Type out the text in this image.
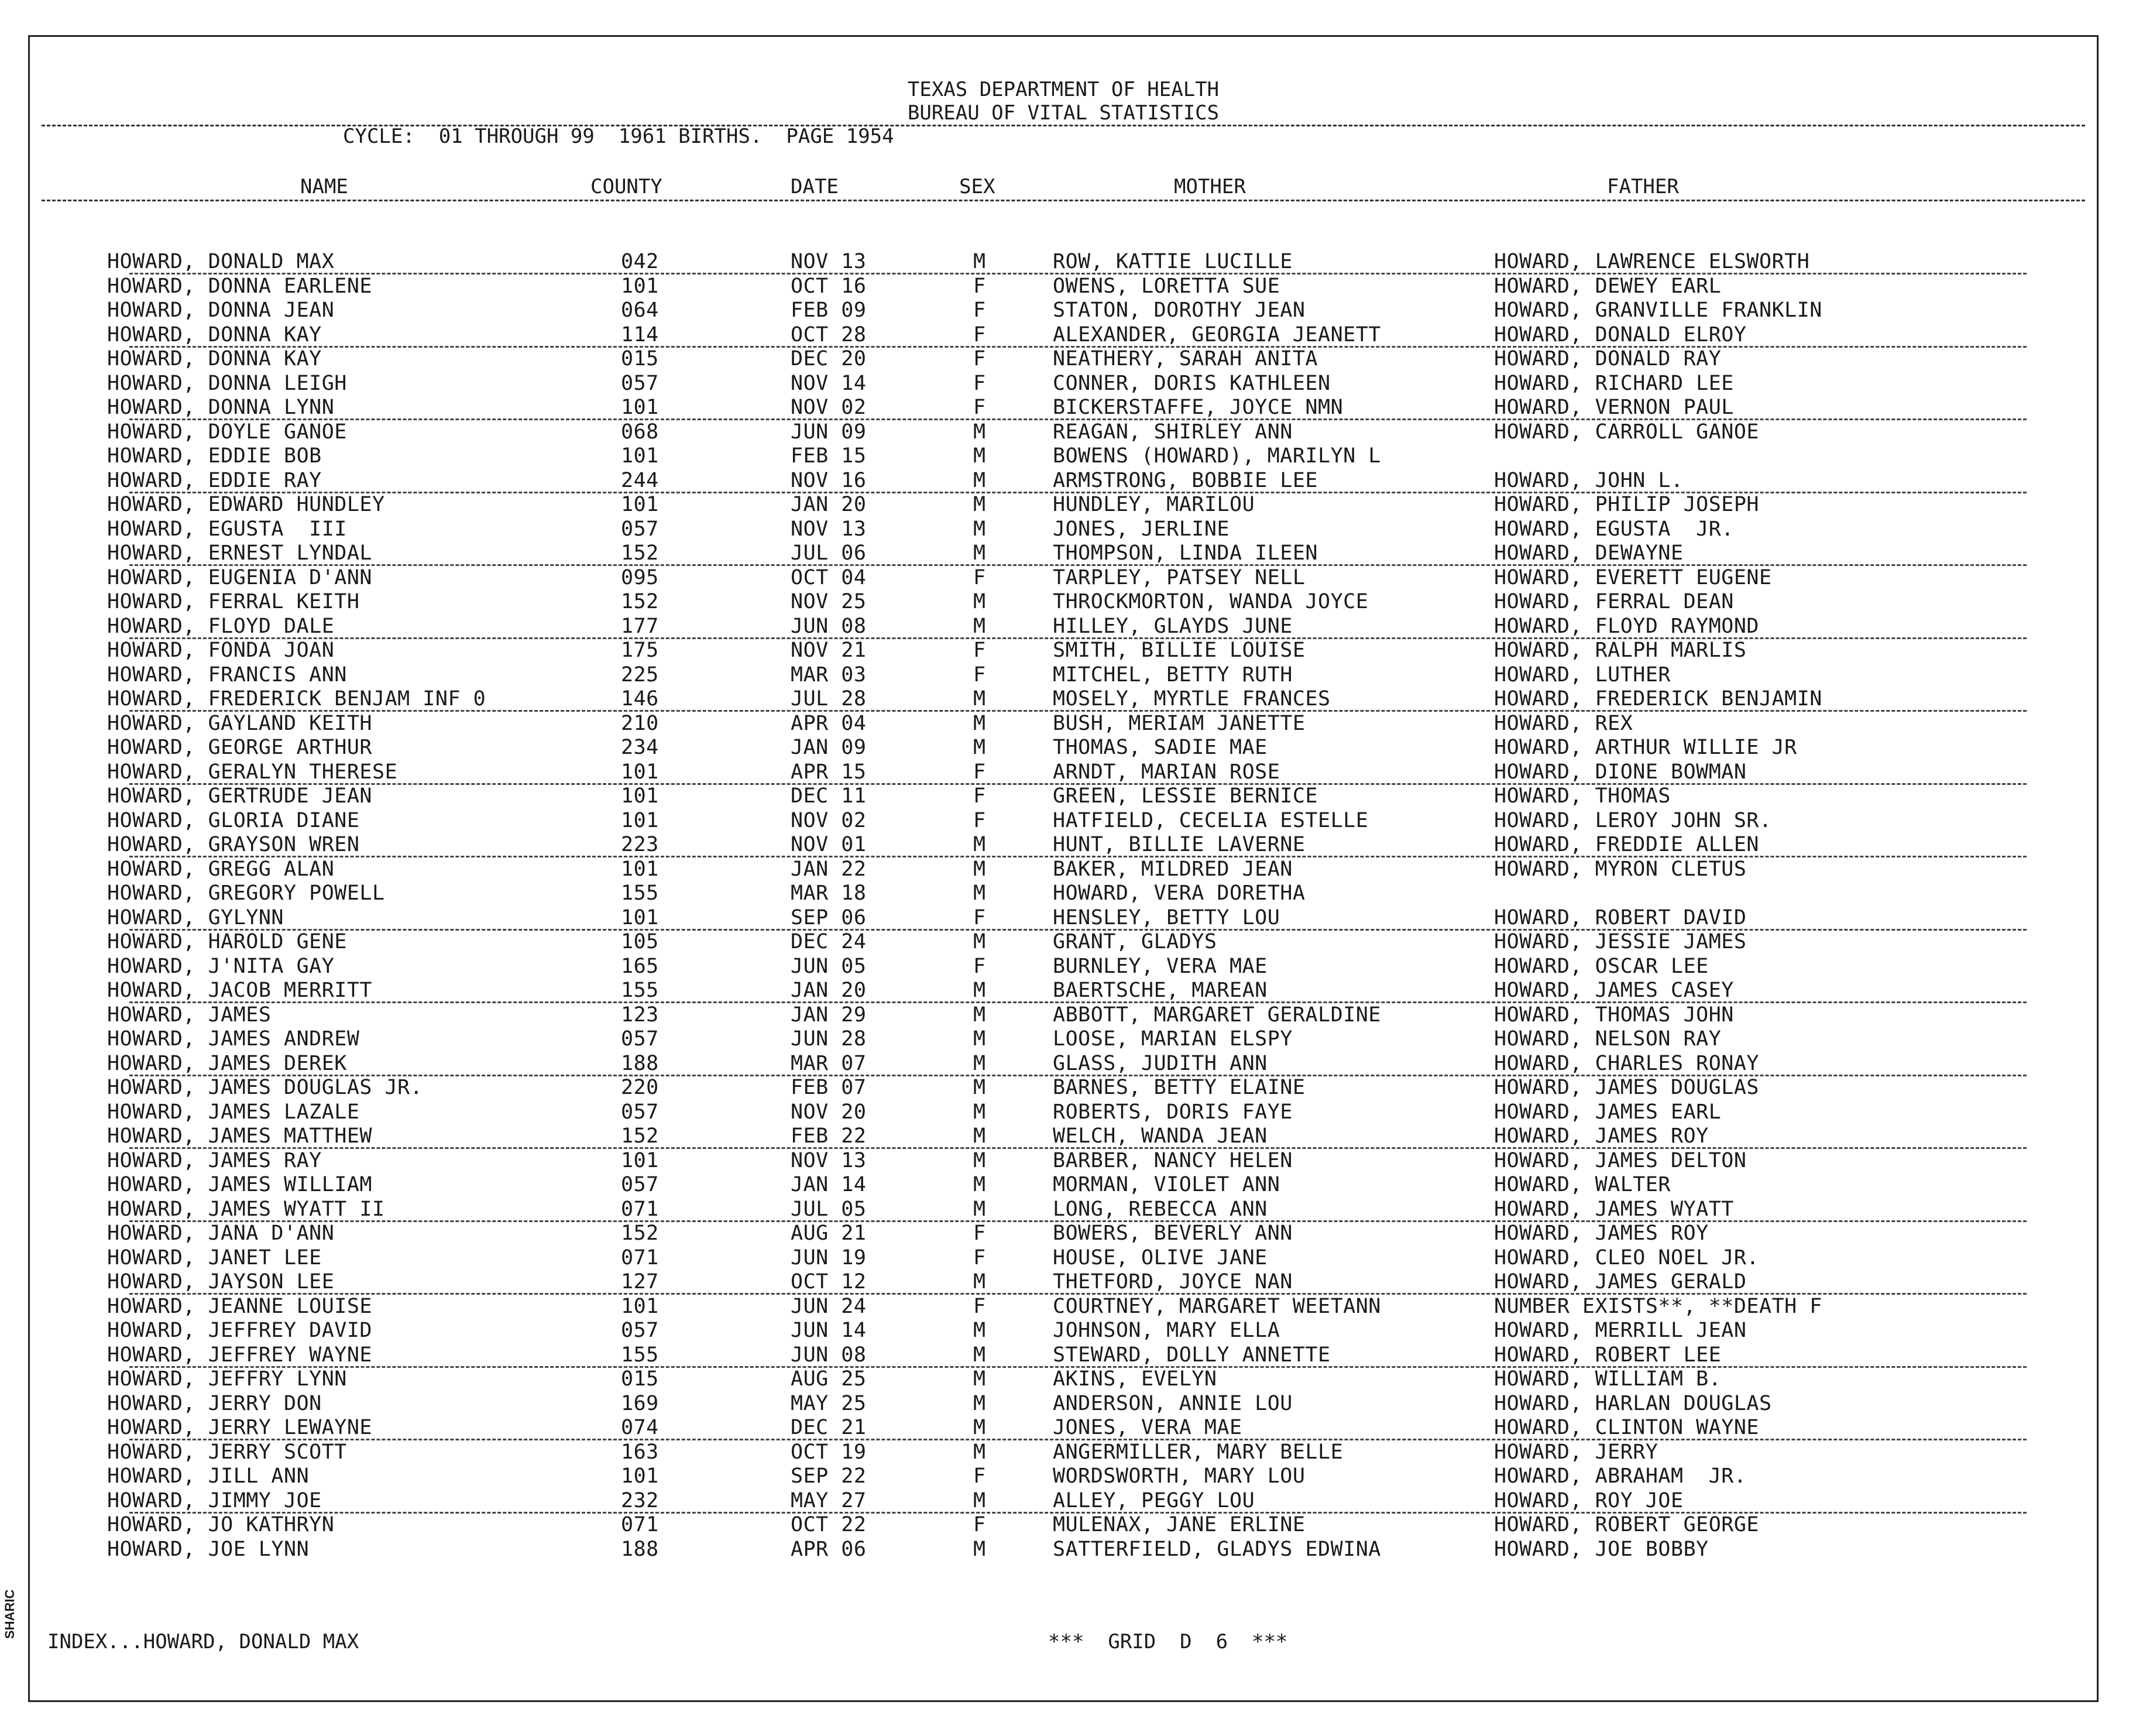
TEXAS DEPARTMENT OF HEALTH
BUREAU OF VITAL STATISTICS
CYCLE:  01 THROUGH 99  1961 BIRTHS.  PAGE 1954
NAME	COUNTY	DATE	SEX	MOTHER	FATHER
HOWARD, DONALD MAX	042	NOV 13	M	ROW, KATTIE LUCILLE	HOWARD, LAWRENCE ELSWORTH
HOWARD, DONNA EARLENE	101	OCT 16	F	OWENS, LORETTA SUE	HOWARD, DEWEY EARL
HOWARD, DONNA JEAN	064	FEB 09	F	STATON, DOROTHY JEAN	HOWARD, GRANVILLE FRANKLIN
HOWARD, DONNA KAY	114	OCT 28	F	ALEXANDER, GEORGIA JEANETT	HOWARD, DONALD ELROY
HOWARD, DONNA KAY	015	DEC 20	F	NEATHERY, SARAH ANITA	HOWARD, DONALD RAY
HOWARD, DONNA LEIGH	057	NOV 14	F	CONNER, DORIS KATHLEEN	HOWARD, RICHARD LEE
HOWARD, DONNA LYNN	101	NOV 02	F	BICKERSTAFFE, JOYCE NMN	HOWARD, VERNON PAUL
HOWARD, DOYLE GANOE	068	JUN 09	M	REAGAN, SHIRLEY ANN	HOWARD, CARROLL GANOE
HOWARD, EDDIE BOB	101	FEB 15	M	BOWENS (HOWARD), MARILYN L
HOWARD, EDDIE RAY	244	NOV 16	M	ARMSTRONG, BOBBIE LEE	HOWARD, JOHN L.
HOWARD, EDWARD HUNDLEY	101	JAN 20	M	HUNDLEY, MARILOU	HOWARD, PHILIP JOSEPH
HOWARD, EGUSTA  III	057	NOV 13	M	JONES, JERLINE	HOWARD, EGUSTA  JR.
HOWARD, ERNEST LYNDAL	152	JUL 06	M	THOMPSON, LINDA ILEEN	HOWARD, DEWAYNE
HOWARD, EUGENIA D'ANN	095	OCT 04	F	TARPLEY, PATSEY NELL	HOWARD, EVERETT EUGENE
HOWARD, FERRAL KEITH	152	NOV 25	M	THROCKMORTON, WANDA JOYCE	HOWARD, FERRAL DEAN
HOWARD, FLOYD DALE	177	JUN 08	M	HILLEY, GLAYDS JUNE	HOWARD, FLOYD RAYMOND
HOWARD, FONDA JOAN	175	NOV 21	F	SMITH, BILLIE LOUISE	HOWARD, RALPH MARLIS
HOWARD, FRANCIS ANN	225	MAR 03	F	MITCHEL, BETTY RUTH	HOWARD, LUTHER
HOWARD, FREDERICK BENJAM INF 0	146	JUL 28	M	MOSELY, MYRTLE FRANCES	HOWARD, FREDERICK BENJAMIN
HOWARD, GAYLAND KEITH	210	APR 04	M	BUSH, MERIAM JANETTE	HOWARD, REX
HOWARD, GEORGE ARTHUR	234	JAN 09	M	THOMAS, SADIE MAE	HOWARD, ARTHUR WILLIE JR
HOWARD, GERALYN THERESE	101	APR 15	F	ARNDT, MARIAN ROSE	HOWARD, DIONE BOWMAN
HOWARD, GERTRUDE JEAN	101	DEC 11	F	GREEN, LESSIE BERNICE	HOWARD, THOMAS
HOWARD, GLORIA DIANE	101	NOV 02	F	HATFIELD, CECELIA ESTELLE	HOWARD, LEROY JOHN SR.
HOWARD, GRAYSON WREN	223	NOV 01	M	HUNT, BILLIE LAVERNE	HOWARD, FREDDIE ALLEN
HOWARD, GREGG ALAN	101	JAN 22	M	BAKER, MILDRED JEAN	HOWARD, MYRON CLETUS
HOWARD, GREGORY POWELL	155	MAR 18	M	HOWARD, VERA DORETHA
HOWARD, GYLYNN	101	SEP 06	F	HENSLEY, BETTY LOU	HOWARD, ROBERT DAVID
HOWARD, HAROLD GENE	105	DEC 24	M	GRANT, GLADYS	HOWARD, JESSIE JAMES
HOWARD, J'NITA GAY	165	JUN 05	F	BURNLEY, VERA MAE	HOWARD, OSCAR LEE
HOWARD, JACOB MERRITT	155	JAN 20	M	BAERTSCHE, MAREAN	HOWARD, JAMES CASEY
HOWARD, JAMES	123	JAN 29	M	ABBOTT, MARGARET GERALDINE	HOWARD, THOMAS JOHN
HOWARD, JAMES ANDREW	057	JUN 28	M	LOOSE, MARIAN ELSPY	HOWARD, NELSON RAY
HOWARD, JAMES DEREK	188	MAR 07	M	GLASS, JUDITH ANN	HOWARD, CHARLES RONAY
HOWARD, JAMES DOUGLAS JR.	220	FEB 07	M	BARNES, BETTY ELAINE	HOWARD, JAMES DOUGLAS
HOWARD, JAMES LAZALE	057	NOV 20	M	ROBERTS, DORIS FAYE	HOWARD, JAMES EARL
HOWARD, JAMES MATTHEW	152	FEB 22	M	WELCH, WANDA JEAN	HOWARD, JAMES ROY
HOWARD, JAMES RAY	101	NOV 13	M	BARBER, NANCY HELEN	HOWARD, JAMES DELTON
HOWARD, JAMES WILLIAM	057	JAN 14	M	MORMAN, VIOLET ANN	HOWARD, WALTER
HOWARD, JAMES WYATT II	071	JUL 05	M	LONG, REBECCA ANN	HOWARD, JAMES WYATT
HOWARD, JANA D'ANN	152	AUG 21	F	BOWERS, BEVERLY ANN	HOWARD, JAMES ROY
HOWARD, JANET LEE	071	JUN 19	F	HOUSE, OLIVE JANE	HOWARD, CLEO NOEL JR.
HOWARD, JAYSON LEE	127	OCT 12	M	THETFORD, JOYCE NAN	HOWARD, JAMES GERALD
HOWARD, JEANNE LOUISE	101	JUN 24	F	COURTNEY, MARGARET WEETANN	NUMBER EXISTS**, **DEATH F
HOWARD, JEFFREY DAVID	057	JUN 14	M	JOHNSON, MARY ELLA	HOWARD, MERRILL JEAN
HOWARD, JEFFREY WAYNE	155	JUN 08	M	STEWARD, DOLLY ANNETTE	HOWARD, ROBERT LEE
HOWARD, JEFFRY LYNN	015	AUG 25	M	AKINS, EVELYN	HOWARD, WILLIAM B.
HOWARD, JERRY DON	169	MAY 25	M	ANDERSON, ANNIE LOU	HOWARD, HARLAN DOUGLAS
HOWARD, JERRY LEWAYNE	074	DEC 21	M	JONES, VERA MAE	HOWARD, CLINTON WAYNE
HOWARD, JERRY SCOTT	163	OCT 19	M	ANGERMILLER, MARY BELLE	HOWARD, JERRY
HOWARD, JILL ANN	101	SEP 22	F	WORDSWORTH, MARY LOU	HOWARD, ABRAHAM  JR.
HOWARD, JIMMY JOE	232	MAY 27	M	ALLEY, PEGGY LOU	HOWARD, ROY JOE
HOWARD, JO KATHRYN	071	OCT 22	F	MULENAX, JANE ERLINE	HOWARD, ROBERT GEORGE
HOWARD, JOE LYNN	188	APR 06	M	SATTERFIELD, GLADYS EDWINA	HOWARD, JOE BOBBY
INDEX...HOWARD, DONALD MAX	***  GRID  D  6  ***
SHARIC
